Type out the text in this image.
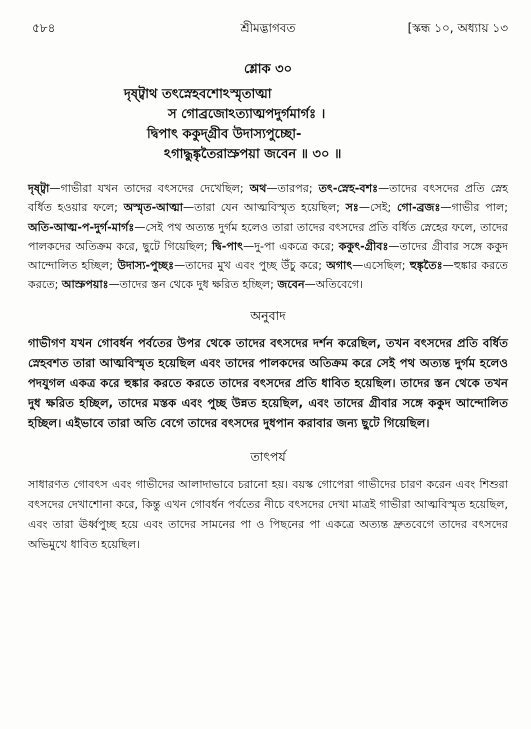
৫৮৪	শ্রীমদ্ভাগবত	[স্কন্ধ ১০, অধ্যায় ১৩
শ্লোক ৩০
দৃষ্ট্বাথ তৎস্নেহবশোঽস্মৃতাত্মা
স গোব্রজোঽত্যাত্মপদুর্গমার্গঃ ।
দ্বিপাৎ ককুদ্‌গ্রীব উদাস্যপুচ্ছো-
ঽগাদ্ধুঙ্কৃতৈরাস্রুপয়া জবেন ॥ ৩০ ॥
দৃষ্ট্বা—গাভীরা যখন তাদের বৎসদের দেখেছিল; অথ—তারপর; তৎ-স্নেহ-বশঃ—তাদের বৎসদের প্রতি স্নেহ বর্ধিত হওয়ার ফলে; অস্মৃত-আত্মা—তারা যেন আত্মবিস্মৃত হয়েছিল; সঃ—সেই; গো-ব্রজঃ—গাভীর পাল; অতি-আত্ম-প-দুর্গ-মার্গঃ—সেই পথ অত্যন্ত দুর্গম হলেও তারা তাদের বৎসদের প্রতি বর্ধিত স্নেহের ফলে, তাদের পালকদের অতিক্রম করে, ছুটে গিয়েছিল; দ্বি-পাৎ—দু-পা একত্রে করে; ককুৎ-গ্রীবঃ—তাদের গ্রীবার সঙ্গে ককুদ আন্দোলিত হচ্ছিল; উদাস্য-পুচ্ছঃ—তাদের মুখ এবং পুচ্ছ উঁচু করে; অগাৎ—এসেছিল; হুঙ্কৃতৈঃ—হুঙ্কার করতে করতে; আস্রুপয়াঃ—তাদের স্তন থেকে দুধ ক্ষরিত হচ্ছিল; জবেন—অতিবেগে।
অনুবাদ
গাভীগণ যখন গোবর্ধন পর্বতের উপর থেকে তাদের বৎসদের দর্শন করেছিল, তখন বৎসদের প্রতি বর্ধিত স্নেহবশত তারা আত্মবিস্মৃত হয়েছিল এবং তাদের পালকদের অতিক্রম করে সেই পথ অত্যন্ত দুর্গম হলেও পদযুগল একত্র করে হুঙ্কার করতে করতে তাদের বৎসদের প্রতি ধাবিত হয়েছিল। তাদের স্তন থেকে তখন দুধ ক্ষরিত হচ্ছিল, তাদের মস্তক এবং পুচ্ছ উন্নত হয়েছিল, এবং তাদের গ্রীবার সঙ্গে ককুদ আন্দোলিত হচ্ছিল। এইভাবে তারা অতি বেগে তাদের বৎসদের দুধপান করাবার জন্য ছুটে গিয়েছিল।
তাৎপর্য
সাধারণত গোবৎস এবং গাভীদের আলাদাভাবে চরানো হয়। বয়স্ক গোপেরা গাভীদের চারণ করেন এবং শিশুরা বৎসদের দেখাশোনা করে, কিন্তু এখন গোবর্ধন পর্বতের নীচে বৎসদের দেখা মাত্রই গাভীরা আত্মবিস্মৃত হয়েছিল, এবং তারা ঊর্ধ্বপুচ্ছ হয়ে এবং তাদের সামনের পা ও পিছনের পা একত্রে অত্যন্ত দ্রুতবেগে তাদের বৎসদের অভিমুখে ধাবিত হয়েছিল।
